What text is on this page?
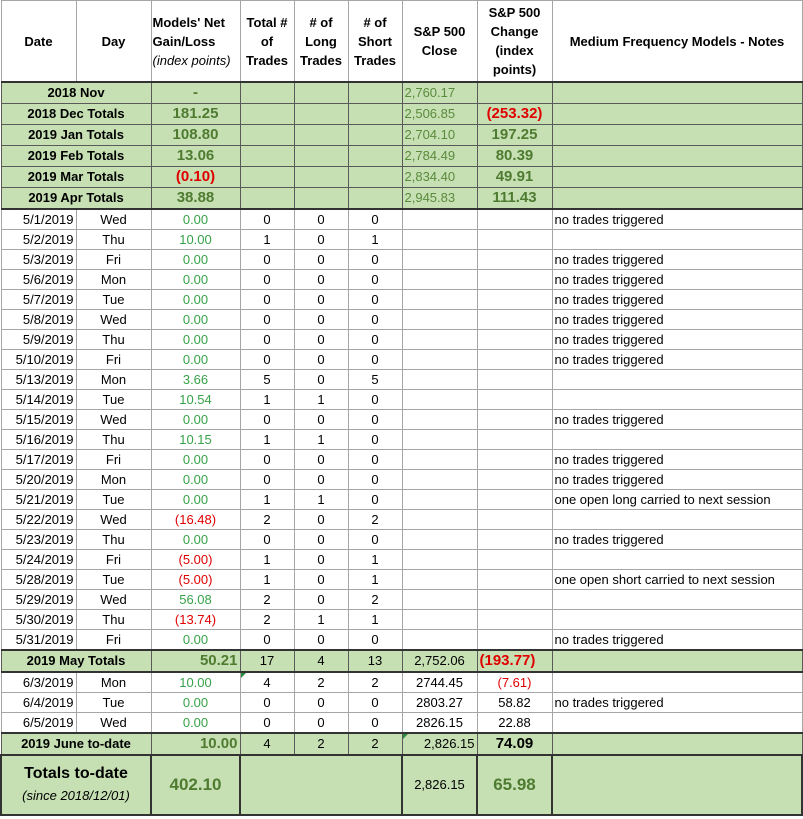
Date	Day	Models' Net Gain/Loss
(index points)	Total # of Trades	# of Long Trades	# of Short Trades	S&P 500 Close	S&P 500 Change
(index points)	Medium Frequency Models - Notes
2018 Nov		-				2,760.17		
2018 Dec Totals		181.25				2,506.85	(253.32)	
2019 Jan Totals		108.80				2,704.10	197.25	
2019 Feb Totals		13.06				2,784.49	80.39	
2019 Mar Totals		(0.10)				2,834.40	49.91	
2019 Apr Totals		38.88				2,945.83	111.43	
5/1/2019	Wed	0.00	0	0	0			no trades triggered
5/2/2019	Thu	10.00	1	0	1			
5/3/2019	Fri	0.00	0	0	0			no trades triggered
5/6/2019	Mon	0.00	0	0	0			no trades triggered
5/7/2019	Tue	0.00	0	0	0			no trades triggered
5/8/2019	Wed	0.00	0	0	0			no trades triggered
5/9/2019	Thu	0.00	0	0	0			no trades triggered
5/10/2019	Fri	0.00	0	0	0			no trades triggered
5/13/2019	Mon	3.66	5	0	5			
5/14/2019	Tue	10.54	1	1	0			
5/15/2019	Wed	0.00	0	0	0			no trades triggered
5/16/2019	Thu	10.15	1	1	0			
5/17/2019	Fri	0.00	0	0	0			no trades triggered
5/20/2019	Mon	0.00	0	0	0			no trades triggered
5/21/2019	Tue	0.00	1	1	0			one open long carried to next session
5/22/2019	Wed	(16.48)	2	0	2			
5/23/2019	Thu	0.00	0	0	0			no trades triggered
5/24/2019	Fri	(5.00)	1	0	1			
5/28/2019	Tue	(5.00)	1	0	1			one open short carried to next session
5/29/2019	Wed	56.08	2	0	2			
5/30/2019	Thu	(13.74)	2	1	1			
5/31/2019	Fri	0.00	0	0	0			no trades triggered
2019 May Totals		50.21	17	4	13	2,752.06	(193.77)	
6/3/2019	Mon	10.00	4	2	2	2744.45	(7.61)	
6/4/2019	Tue	0.00	0	0	0	2803.27	58.82	no trades triggered
6/5/2019	Wed	0.00	0	0	0	2826.15	22.88	
2019 June to-date		10.00	4	2	2	2,826.15	74.09	

Totals to-date
(since 2018/12/01)		402.10				2,826.15	65.98	
